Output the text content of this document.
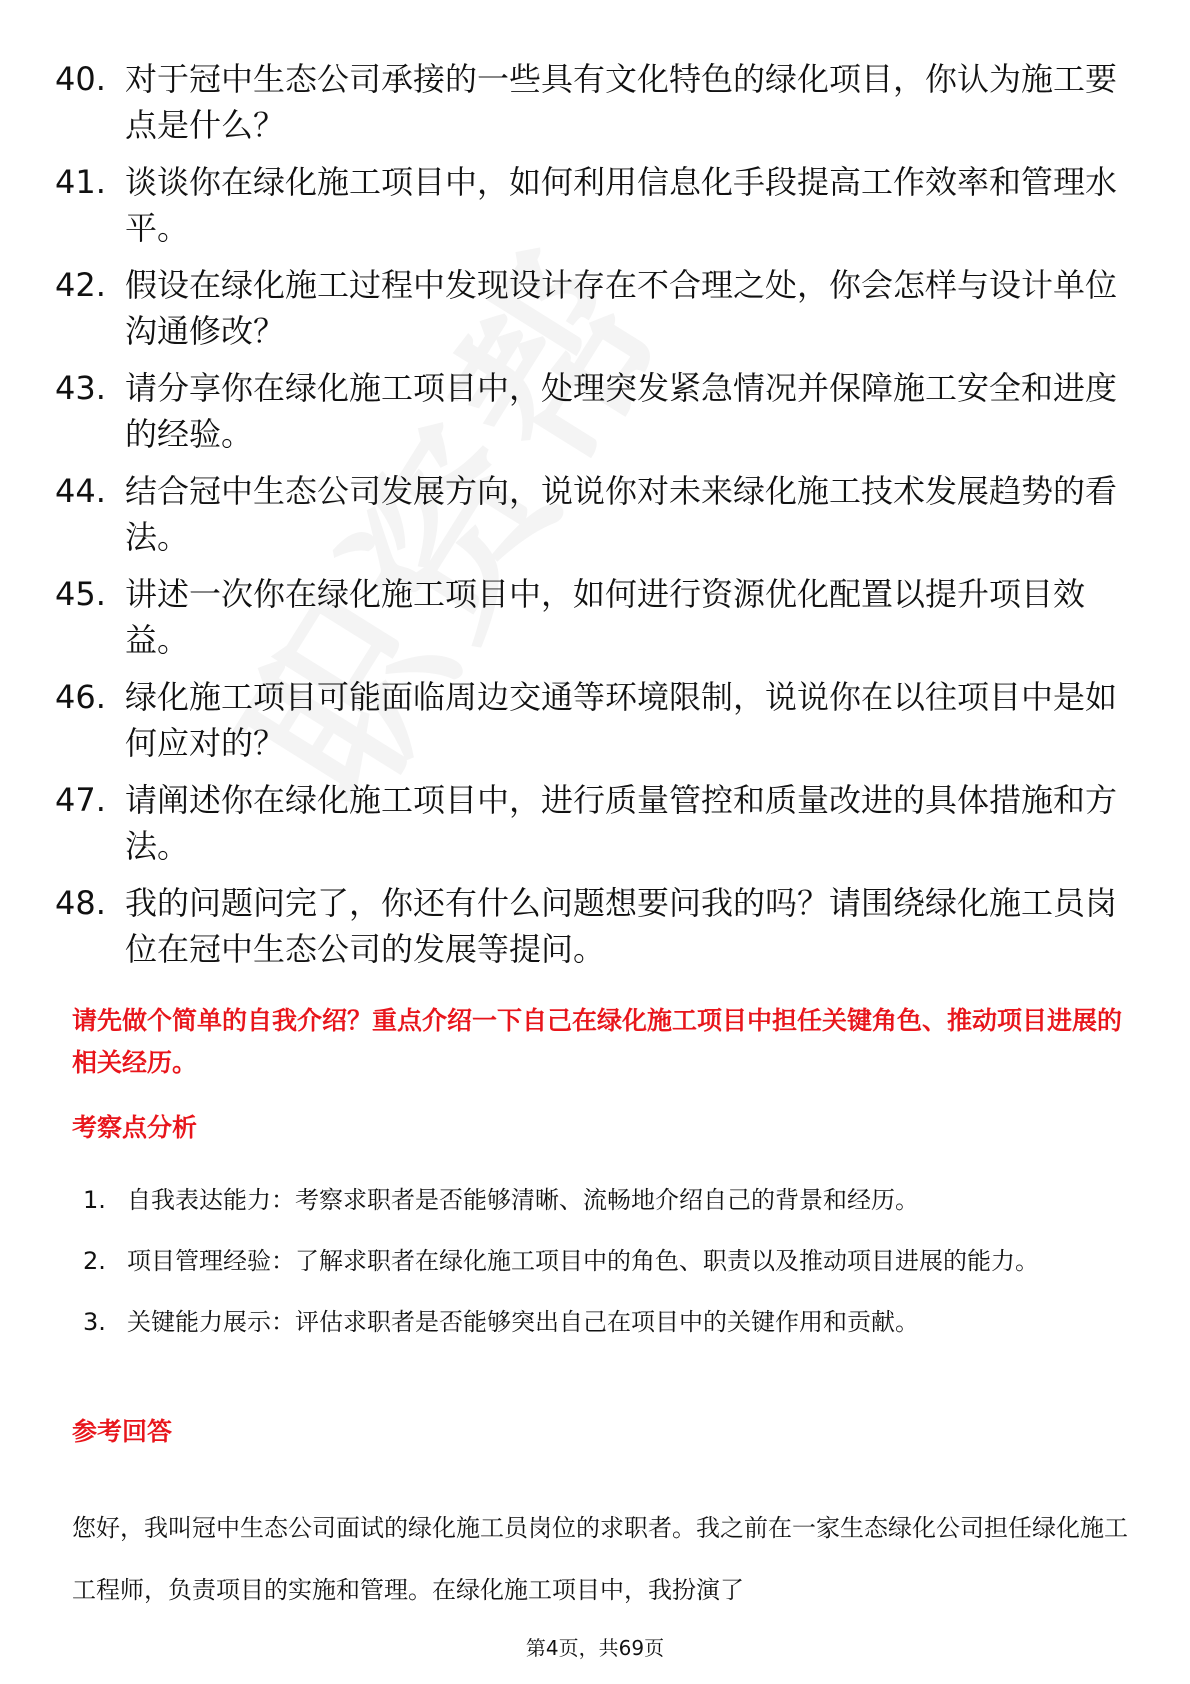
40. 对于冠中生态公司承接的一些具有文化特色的绿化项目，你认为施工要点是什么？
41. 谈谈你在绿化施工项目中，如何利用信息化手段提高工作效率和管理水平。
42. 假设在绿化施工过程中发现设计存在不合理之处，你会怎样与设计单位沟通修改？
43. 请分享你在绿化施工项目中，处理突发紧急情况并保障施工安全和进度的经验。
44. 结合冠中生态公司发展方向，说说你对未来绿化施工技术发展趋势的看法。
45. 讲述一次你在绿化施工项目中，如何进行资源优化配置以提升项目效益。
46. 绿化施工项目可能面临周边交通等环境限制，说说你在以往项目中是如何应对的？
47. 请阐述你在绿化施工项目中，进行质量管控和质量改进的具体措施和方法。
48. 我的问题问完了，你还有什么问题想要问我的吗？请围绕绿化施工员岗位在冠中生态公司的发展等提问。
请先做个简单的自我介绍？重点介绍一下自己在绿化施工项目中担任关键角色、推动项目进展的相关经历。
考察点分析
1. 自我表达能力：考察求职者是否能够清晰、流畅地介绍自己的背景和经历。
2. 项目管理经验：了解求职者在绿化施工项目中的角色、职责以及推动项目进展的能力。
3. 关键能力展示：评估求职者是否能够突出自己在项目中的关键作用和贡献。
参考回答
您好，我叫冠中生态公司面试的绿化施工员岗位的求职者。我之前在一家生态绿化公司担任绿化施工工程师，负责项目的实施和管理。在绿化施工项目中，我扮演了
第4页，共69页
